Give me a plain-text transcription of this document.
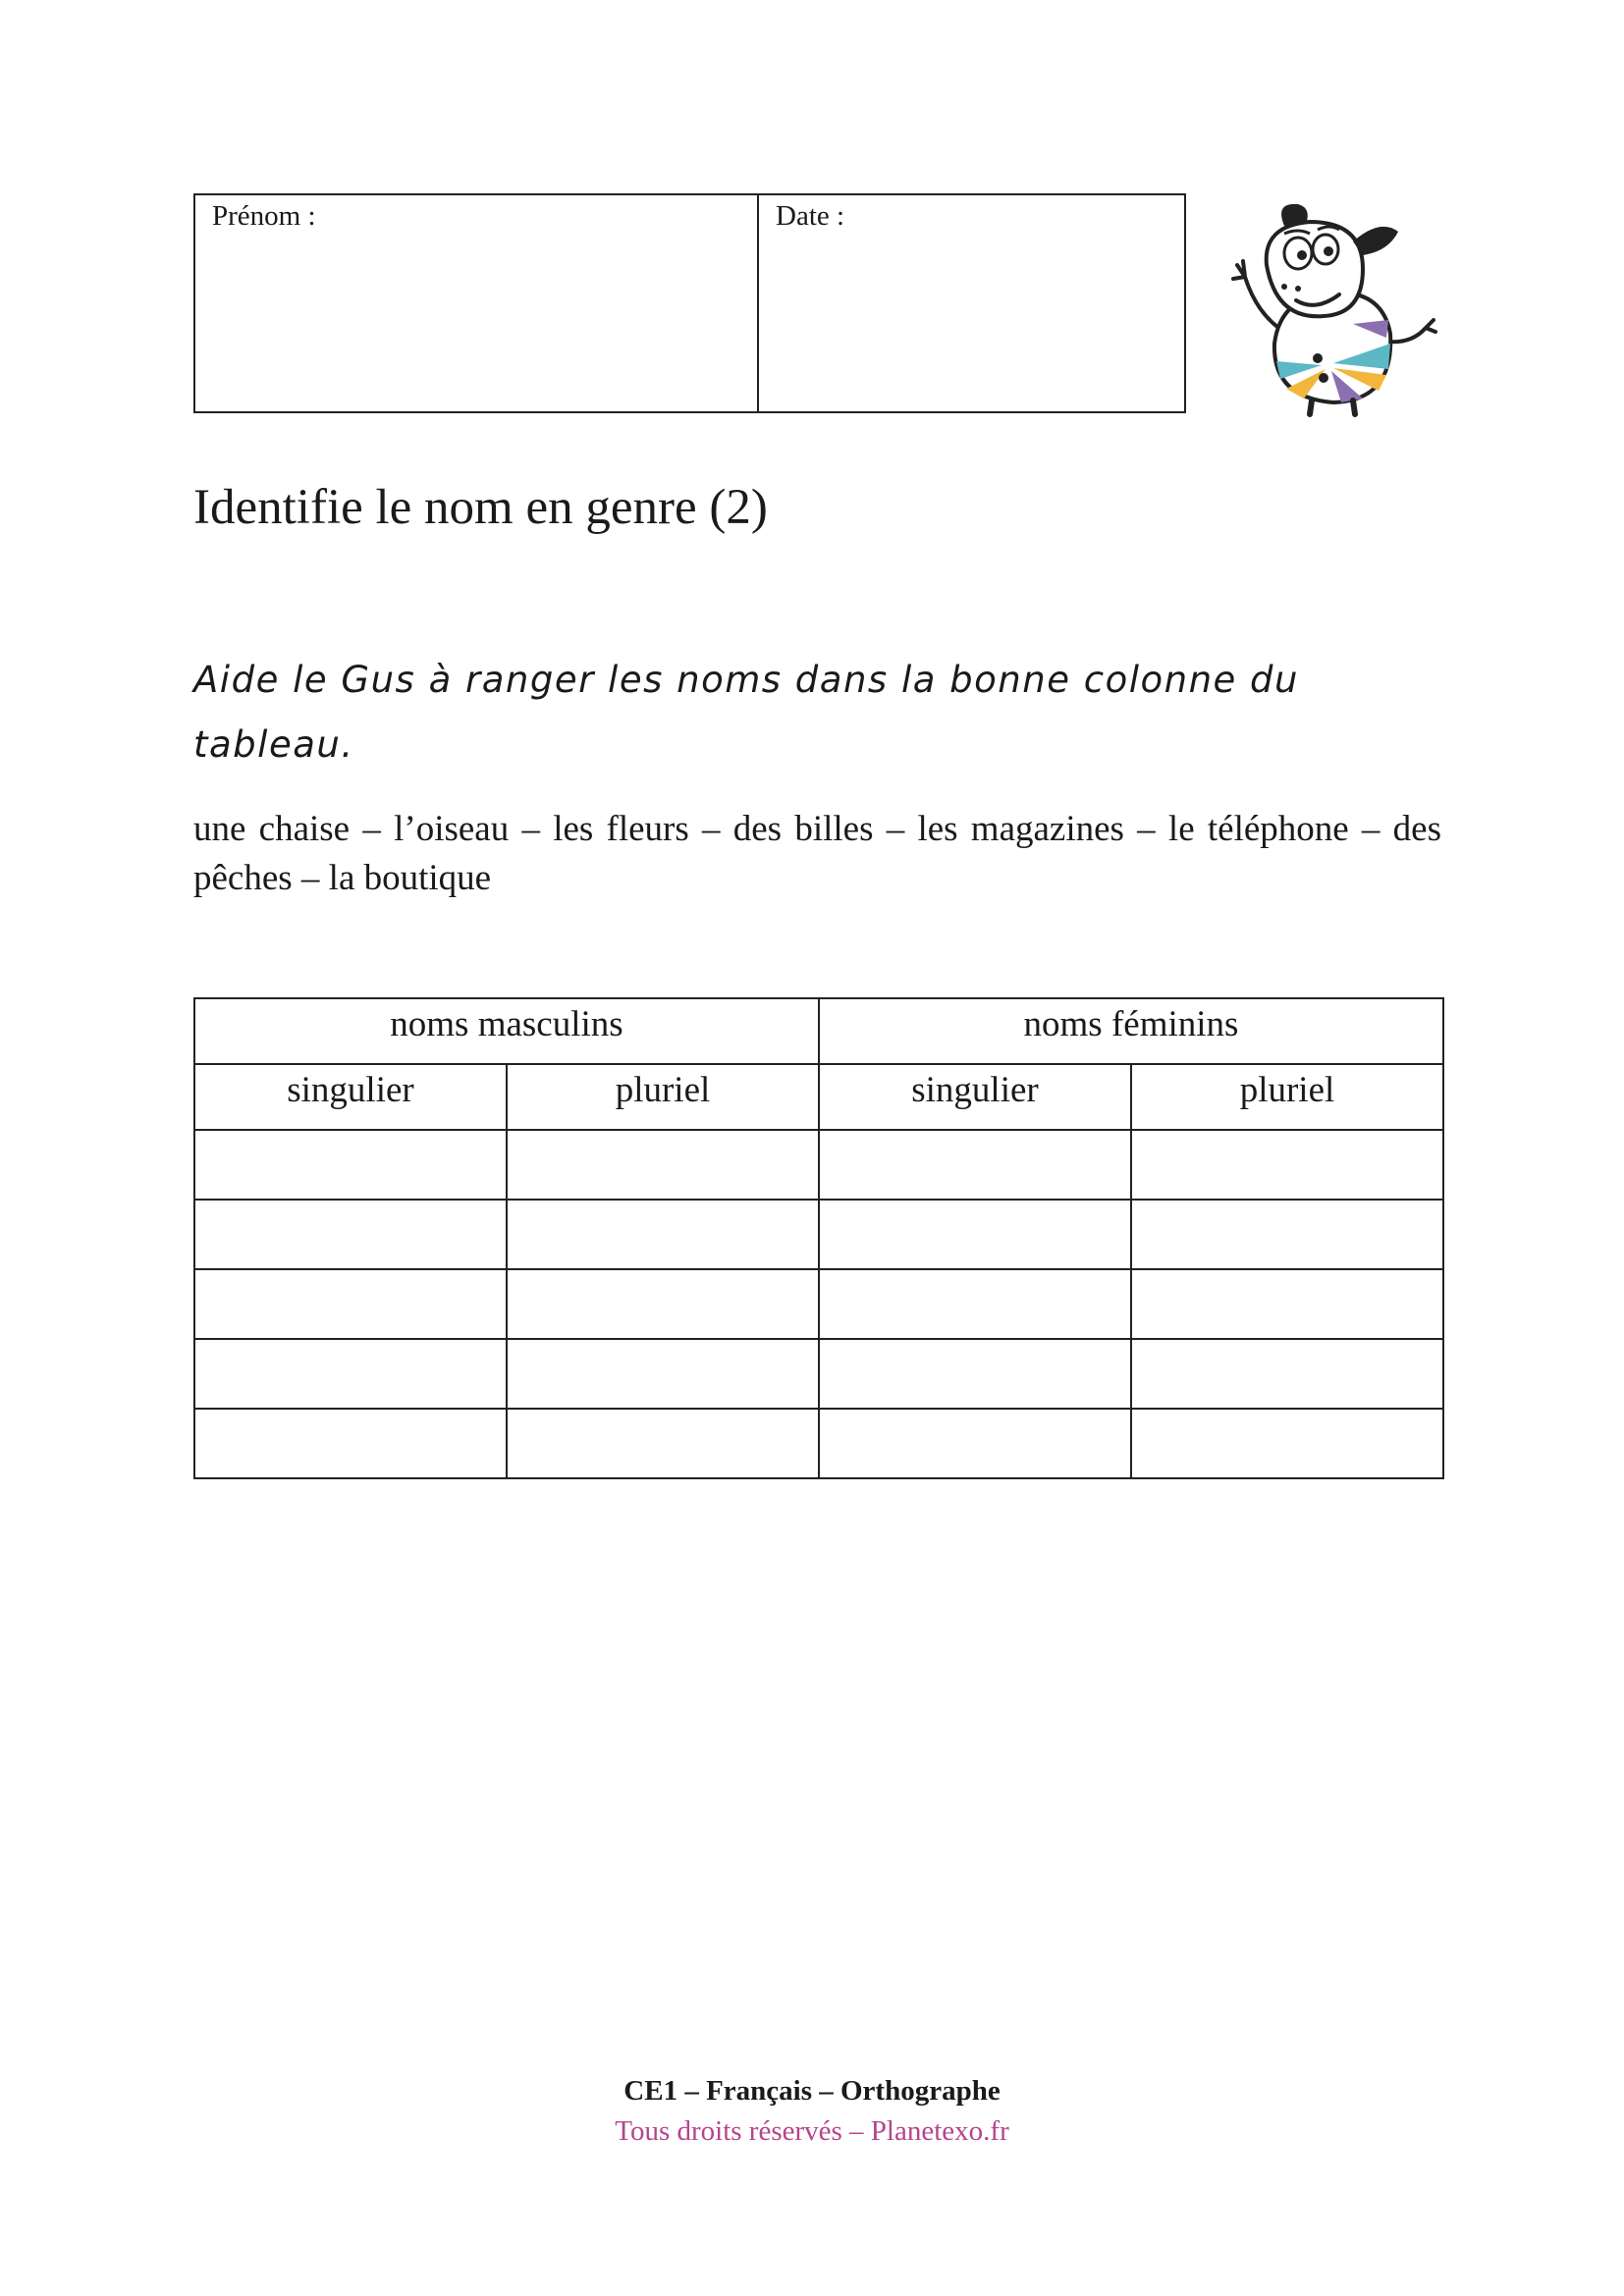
Prénom :	Date :
Identifie le nom en genre (2)
Aide le Gus à ranger les noms dans la bonne colonne du tableau.
une chaise – l’oiseau – les fleurs – des billes – les magazines – le téléphone – des pêches – la boutique
noms masculins		noms féminins	
singulier	pluriel	singulier	pluriel

CE1 – Français – Orthographe
Tous droits réservés – Planetexo.fr
